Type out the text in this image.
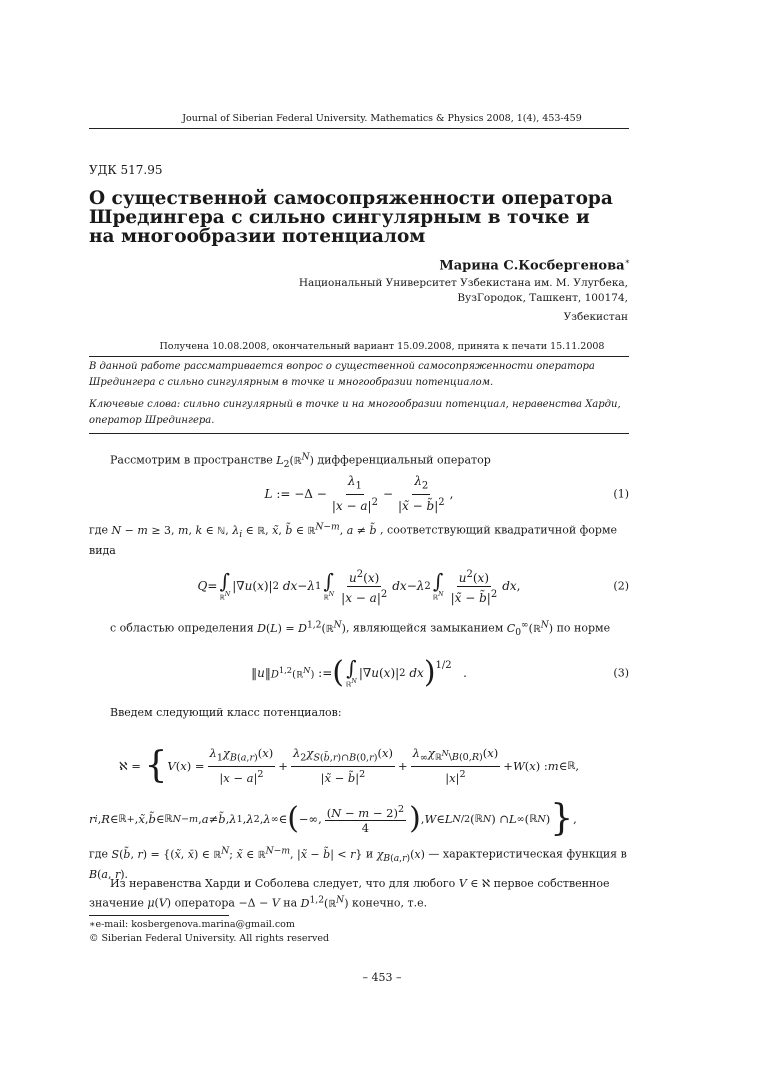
Journal of Siberian Federal University. Mathematics & Physics 2008, 1(4), 453-459
УДК 517.95
О существенной самосопряженности оператора
Шредингера с сильно сингулярным в точке и
на многообразии потенциалом
Марина С.Косбергенова∗
Национальный Университет Узбекистана им. М. Улугбека,
ВузГородок, Ташкент, 100174,
Узбекистан
Получена 10.08.2008, окончательный вариант 15.09.2008, принята к печати 15.11.2008
В данной работе рассматривается вопрос о существенной самосопряженности оператора Шредингера с сильно сингулярным в точке и многообразии потенциалом.
Ключевые слова: сильно сингулярный в точке и на многообразии потенциал, неравенства Харди, оператор Шредингера.
Рассмотрим в пространстве $L_2(ℝ^N)$ дифференциальный оператор
L := $-\Delta - \frac{\lambda_1}{|x - a|^2} - \frac{\lambda_2}{|x̃ - b̃|^2}$ ,	(1)
где N − m ≥ 3, m, k ∈ ℕ, $\lambda_i$ ∈ ℝ, x̃, b̃ ∈ ℝ$^{N-m}$, a ≠ b̃ , соответствующий квадратичной форме вида
Q = ∫
ℝ$^N$
|∇ u ( x )| 2
dx − λ 1 ∫
ℝ$^N$ $\frac{u^2(x)}{|x - a|^2}$ dx − λ 2 ∫
ℝ$^N$ $\frac{u^2(x)}{|x̃ - b̃|^2}$ dx ,	(2)
с областью определения D(L) = D$^{1,2}$(ℝ$^N$), являющейся замыканием $C_0^\infty(ℝ^N)$ по норме
‖ u ‖ D$^{1,2}$(ℝ$^N$) := ( ∫
ℝ$^N$
|∇ u ( x )| 2
dx )$^{1/2}$
.	(3)
Введем следующий класс потенциалов:
ℵ = { V ( x ) = $\frac{\lambda_1\chi_{B(a,r)}(x)}{|x - a|^2} + \frac{\lambda_2\chi_{S(b̃,r)\cap B(0,r)}(x)}{|x̃ - b̃|^2} + \frac{\lambda_\infty\chi_{ℝ^N\backslash B(0,R)}(x)}{|x|^2} + W$ ( x ) : m ∈ ℝ ,
r i , R ∈ ℝ + , x̃ , b̃ ∈ ℝ N−m , a ≠ b̃ , λ 1 , λ 2 , λ ∞ ∈ ( −∞, $\frac{(N - m - 2)^2}{4}$ ) , W ∈ L N/2 ( ℝ N ) ∩ L ∞ ( ℝ N ) } ,
где S(b̃, r) = {(x̃, x̄) ∈ ℝ$^N$; x̃ ∈ ℝ$^{N-m}$, |x̃ − b̃| < r} и $\chi_{B(a,r)}(x)$ — характеристическая функция в B(a, r).
Из неравенства Харди и Соболева следует, что для любого V ∈ ℵ первое собственное значение μ(V) оператора −Δ − V на D$^{1,2}$(ℝ$^N$) конечно, т.е.
∗e-mail: kosbergenova.marina@gmail.com
© Siberian Federal University. All rights reserved
– 453 –
